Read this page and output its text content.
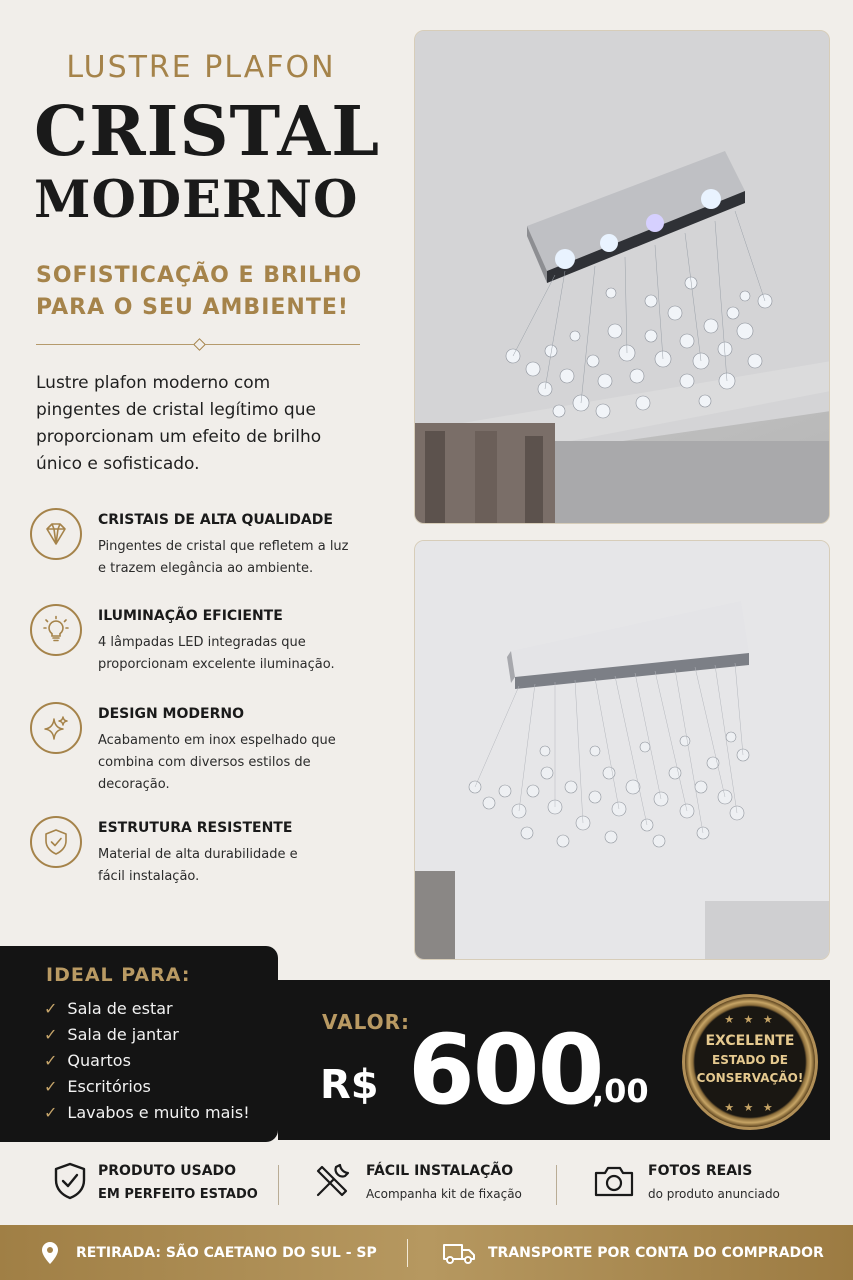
LUSTRE PLAFON
CRISTAL
MODERNO
SOFISTICAÇÃO E BRILHO
PARA O SEU AMBIENTE!
Lustre plafon moderno com
pingentes de cristal legítimo que
proporcionam um efeito de brilho
único e sofisticado.
CRISTAIS DE ALTA QUALIDADE
Pingentes de cristal que refletem a luz
e trazem elegância ao ambiente.
ILUMINAÇÃO EFICIENTE
4 lâmpadas LED integradas que
proporcionam excelente iluminação.
DESIGN MODERNO
Acabamento em inox espelhado que
combina com diversos estilos de
decoração.
ESTRUTURA RESISTENTE
Material de alta durabilidade e
fácil instalação.
IDEAL PARA:
✓ Sala de estar
✓ Sala de jantar
✓ Quartos
✓ Escritórios
✓ Lavabos e muito mais!
VALOR:
R$ 600
,00
★ ★ ★
EXCELENTE
ESTADO DE
CONSERVAÇÃO!
★ ★ ★
PRODUTO USADO
EM PERFEITO ESTADO
FÁCIL INSTALAÇÃO
Acompanha kit de fixação
FOTOS REAIS
do produto anunciado
RETIRADA: SÃO CAETANO DO SUL - SP	TRANSPORTE POR CONTA DO COMPRADOR
